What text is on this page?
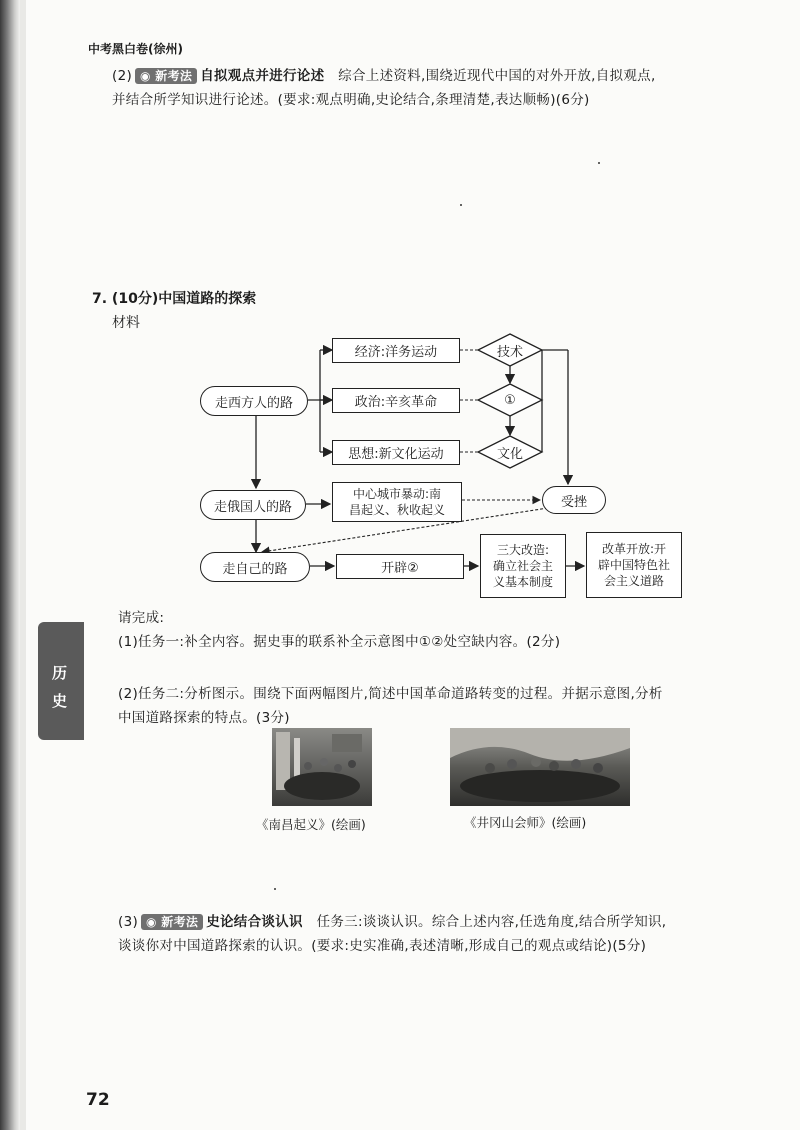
中考黑白卷(徐州)
(2) ◉ 新考法 自拟观点并进行论述 综合上述资料,围绕近现代中国的对外开放,自拟观点,
并结合所学知识进行论述。(要求:观点明确,史论结合,条理清楚,表达顺畅)(6分)
7. (10分)中国道路的探索
材料
走西方人的路
经济:洋务运动	技术
政治:辛亥革命	①
思想:新文化运动	文化
走俄国人的路
中心城市暴动:南
昌起义、秋收起义
受挫
走自己的路	开辟②
三大改造:
确立社会主
义基本制度
改革开放:开
辟中国特色社
会主义道路
请完成:
(1)任务一:补全内容。据史事的联系补全示意图中①②处空缺内容。(2分)
历
史	(2)任务二:分析图示。围绕下面两幅图片,简述中国革命道路转变的过程。并据示意图,分析
中国道路探索的特点。(3分)
《南昌起义》(绘画)	《井冈山会师》(绘画)
(3) ◉ 新考法 史论结合谈认识 任务三:谈谈认识。综合上述内容,任选角度,结合所学知识,
谈谈你对中国道路探索的认识。(要求:史实准确,表述清晰,形成自己的观点或结论)(5分)
72
